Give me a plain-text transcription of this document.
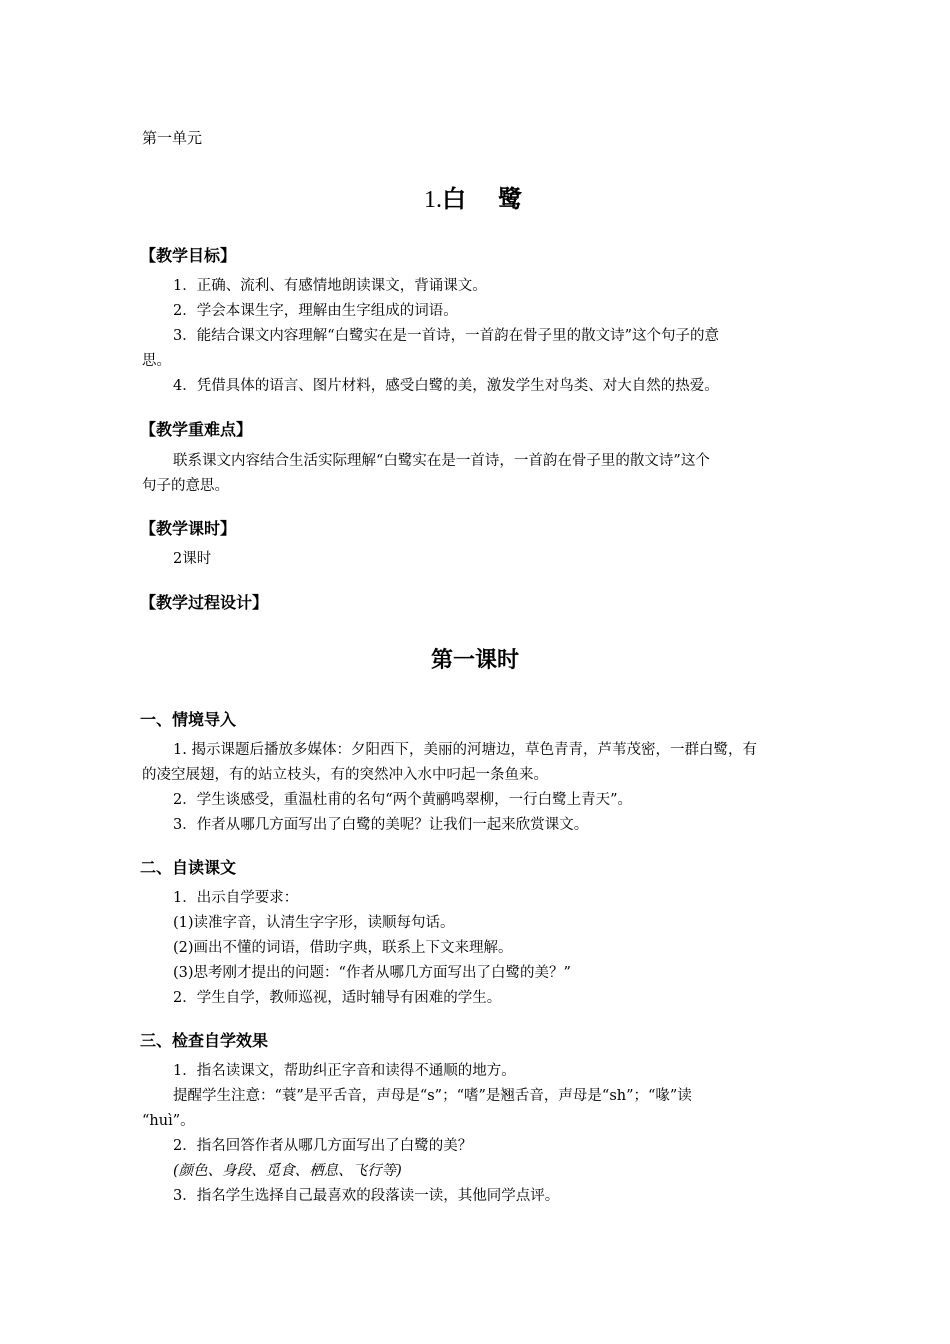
第一单元
1.白　鹭
【教学目标】
1．正确、流利、有感情地朗读课文，背诵课文。
2．学会本课生字，理解由生字组成的词语。
3．能结合课文内容理解“白鹭实在是一首诗，一首韵在骨子里的散文诗”这个句子的意
思。
4．凭借具体的语言、图片材料，感受白鹭的美，激发学生对鸟类、对大自然的热爱。
【教学重难点】
联系课文内容结合生活实际理解“白鹭实在是一首诗，一首韵在骨子里的散文诗”这个
句子的意思。
【教学课时】
2课时
【教学过程设计】
第一课时
一、情境导入
1. 揭示课题后播放多媒体：夕阳西下，美丽的河塘边，草色青青，芦苇茂密，一群白鹭，有
的凌空展翅，有的站立枝头，有的突然冲入水中叼起一条鱼来。
2．学生谈感受，重温杜甫的名句“两个黄鹂鸣翠柳，一行白鹭上青天”。
3．作者从哪几方面写出了白鹭的美呢？让我们一起来欣赏课文。
二、自读课文
1．出示自学要求：
(1)读准字音，认清生字字形，读顺每句话。
(2)画出不懂的词语，借助字典，联系上下文来理解。
(3)思考刚才提出的问题：“作者从哪几方面写出了白鹭的美？”
2．学生自学，教师巡视，适时辅导有困难的学生。
三、检查自学效果
1．指名读课文，帮助纠正字音和读得不通顺的地方。
提醒学生注意：“蓑”是平舌音，声母是“s”；“嗜”是翘舌音，声母是“sh”；“喙”读
“huì”。
2．指名回答作者从哪几方面写出了白鹭的美？
(颜色、身段、觅食、栖息、飞行等)
3．指名学生选择自己最喜欢的段落读一读，其他同学点评。
